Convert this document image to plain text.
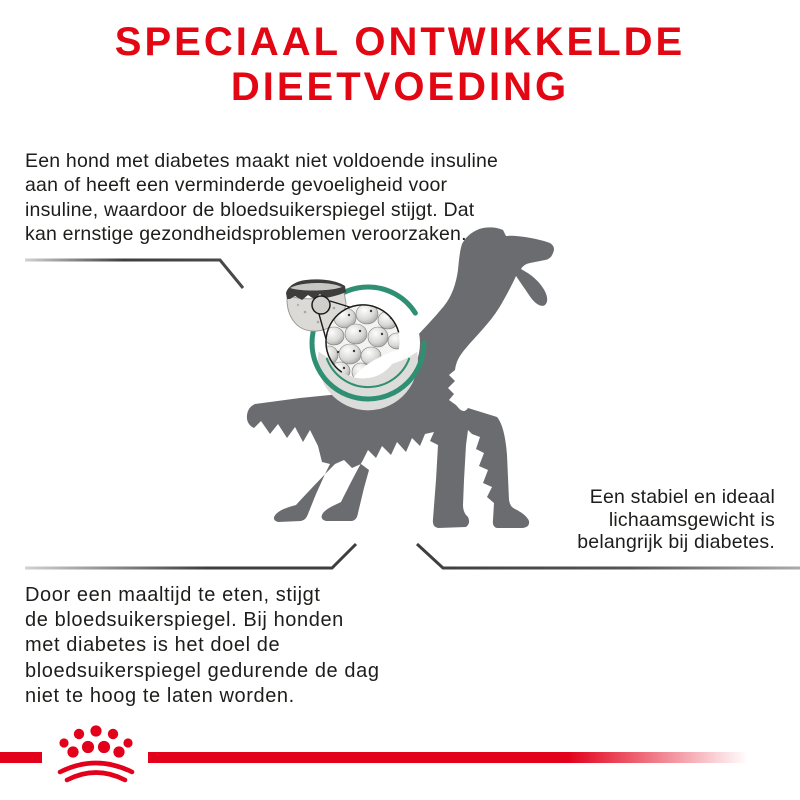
SPECIAAL ONTWIKKELDE
DIEETVOEDING
Een hond met diabetes maakt niet voldoende insuline
aan of heeft een verminderde gevoeligheid voor
insuline, waardoor de bloedsuikerspiegel stijgt. Dat
kan ernstige gezondheidsproblemen veroorzaken.
Een stabiel en ideaal
lichaamsgewicht is
belangrijk bij diabetes.
Door een maaltijd te eten, stijgt
de bloedsuikerspiegel. Bij honden
met diabetes is het doel de
bloedsuikerspiegel gedurende de dag
niet te hoog te laten worden.
